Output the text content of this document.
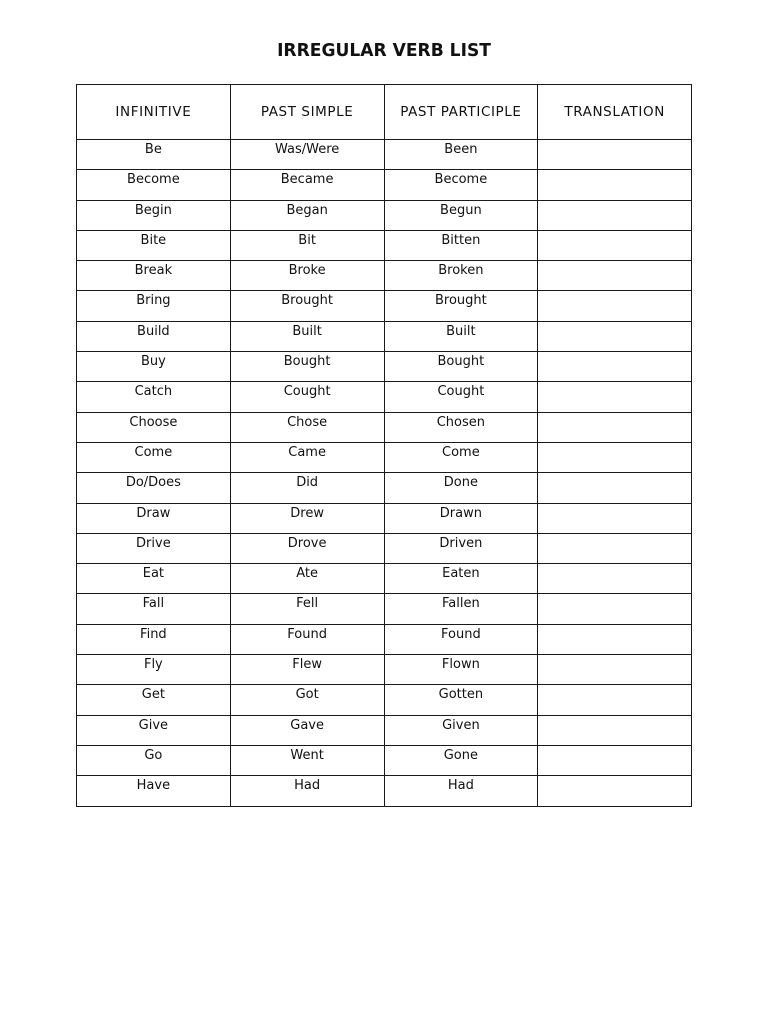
IRREGULAR VERB LIST
INFINITIVE	PAST SIMPLE	PAST PARTICIPLE	TRANSLATION
Be	Was/Were	Been	
Become	Became	Become	
Begin	Began	Begun	
Bite	Bit	Bitten	
Break	Broke	Broken	
Bring	Brought	Brought	
Build	Built	Built	
Buy	Bought	Bought	
Catch	Cought	Cought	
Choose	Chose	Chosen	
Come	Came	Come	
Do/Does	Did	Done	
Draw	Drew	Drawn	
Drive	Drove	Driven	
Eat	Ate	Eaten	
Fall	Fell	Fallen	
Find	Found	Found	
Fly	Flew	Flown	
Get	Got	Gotten	
Give	Gave	Given	
Go	Went	Gone	
Have	Had	Had	
